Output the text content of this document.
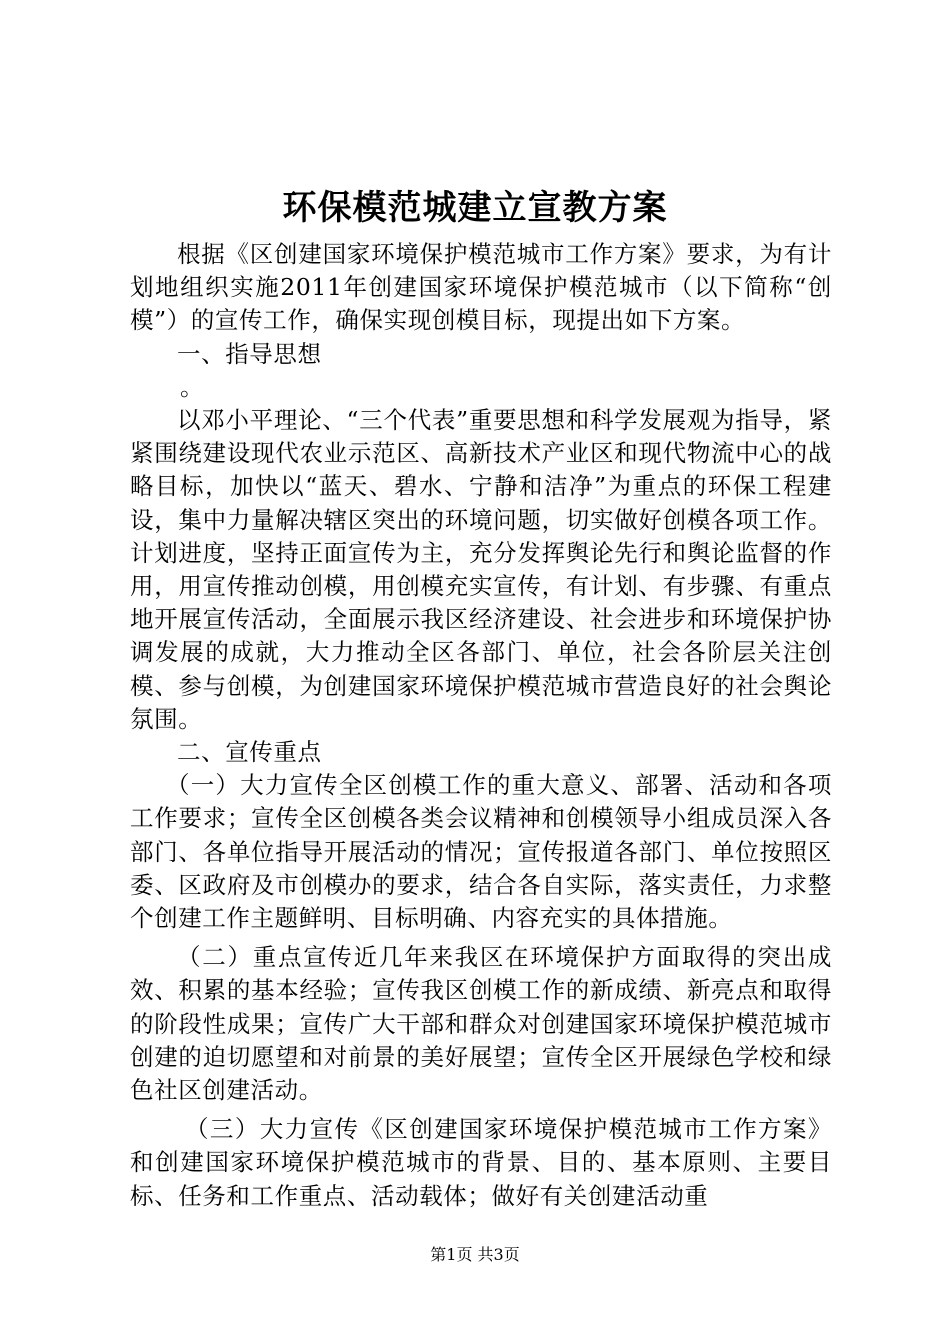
环保模范城建立宣教方案

根据《区创建国家环境保护模范城市工作方案》要求，为有计划地组织实施2011年创建国家环境保护模范城市（以下简称“创模”）的宣传工作，确保实现创模目标，现提出如下方案。

一、指导思想

。

以邓小平理论、“三个代表”重要思想和科学发展观为指导，紧紧围绕建设现代农业示范区、高新技术产业区和现代物流中心的战略目标，加快以“蓝天、碧水、宁静和洁净”为重点的环保工程建设，集中力量解决辖区突出的环境问题，切实做好创模各项工作。计划进度，坚持正面宣传为主，充分发挥舆论先行和舆论监督的作用，用宣传推动创模，用创模充实宣传，有计划、有步骤、有重点地开展宣传活动，全面展示我区经济建设、社会进步和环境保护协调发展的成就，大力推动全区各部门、单位，社会各阶层关注创模、参与创模，为创建国家环境保护模范城市营造良好的社会舆论氛围。

二、宣传重点

（一）大力宣传全区创模工作的重大意义、部署、活动和各项工作要求；宣传全区创模各类会议精神和创模领导小组成员深入各部门、各单位指导开展活动的情况；宣传报道各部门、单位按照区委、区政府及市创模办的要求，结合各自实际，落实责任，力求整个创建工作主题鲜明、目标明确、内容充实的具体措施。

（二）重点宣传近几年来我区在环境保护方面取得的突出成效、积累的基本经验；宣传我区创模工作的新成绩、新亮点和取得的阶段性成果；宣传广大干部和群众对创建国家环境保护模范城市创建的迫切愿望和对前景的美好展望；宣传全区开展绿色学校和绿色社区创建活动。

（三）大力宣传《区创建国家环境保护模范城市工作方案》和创建国家环境保护模范城市的背景、目的、基本原则、主要目标、任务和工作重点、活动载体；做好有关创建活动重

第1页 共3页
